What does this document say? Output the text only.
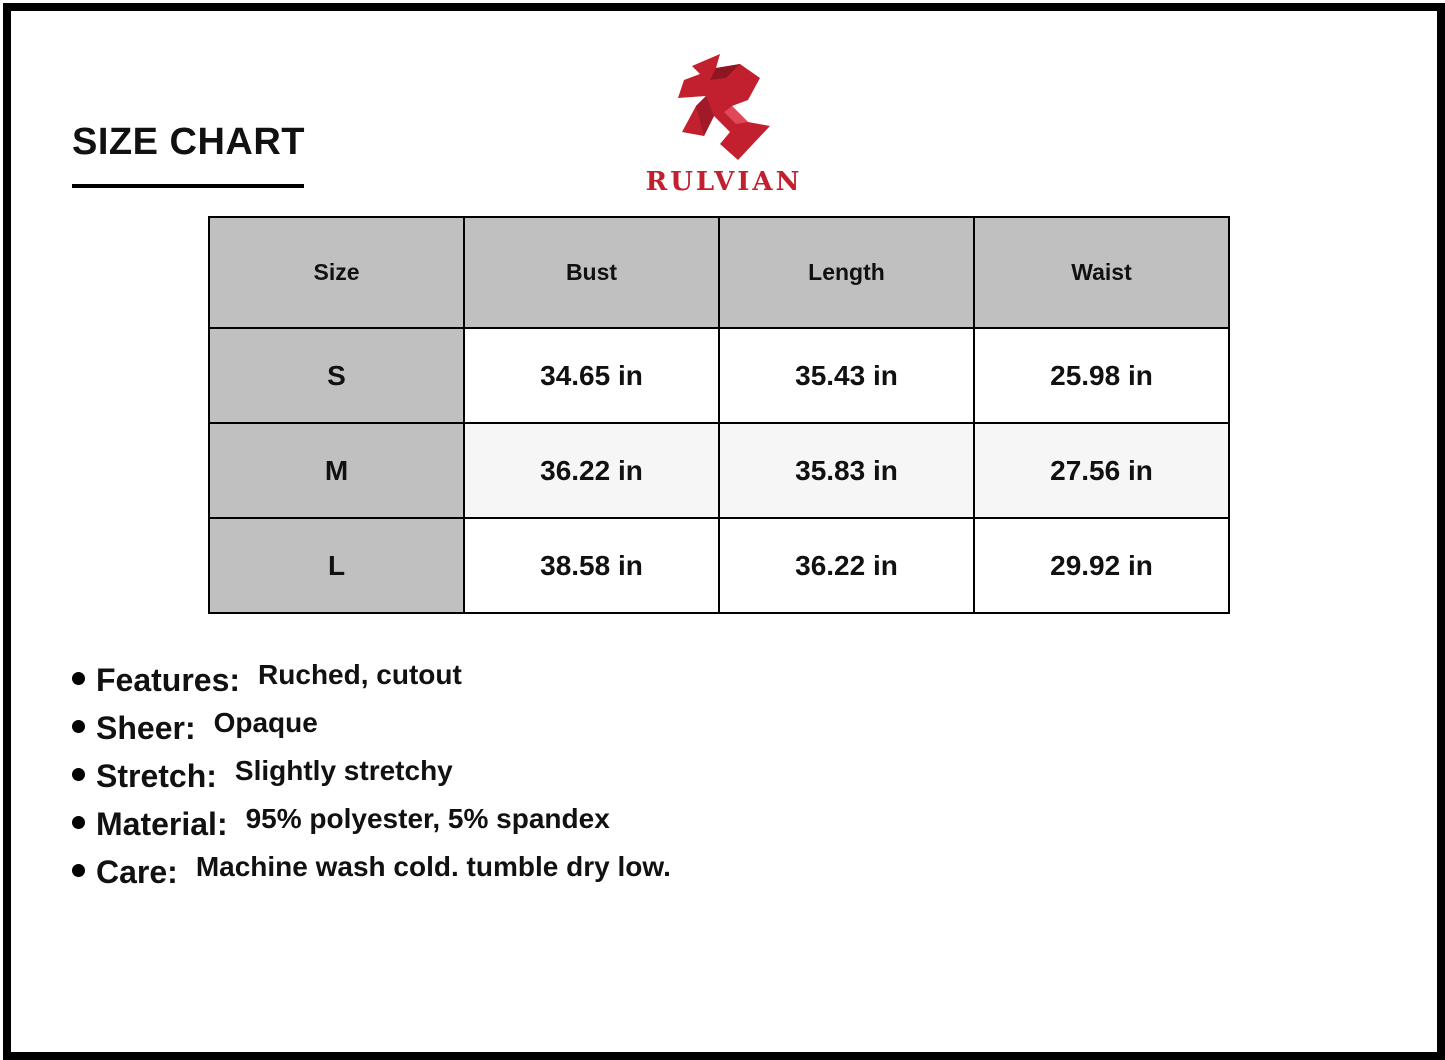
SIZE CHART
RULVIAN
Size	Bust	Length	Waist
S	34.65 in	35.43 in	25.98 in
M	36.22 in	35.83 in	27.56 in
L	38.58 in	36.22 in	29.92 in
Features: Ruched, cutout
Sheer: Opaque
Stretch: Slightly stretchy
Material: 95% polyester, 5% spandex
Care: Machine wash cold. tumble dry low.
